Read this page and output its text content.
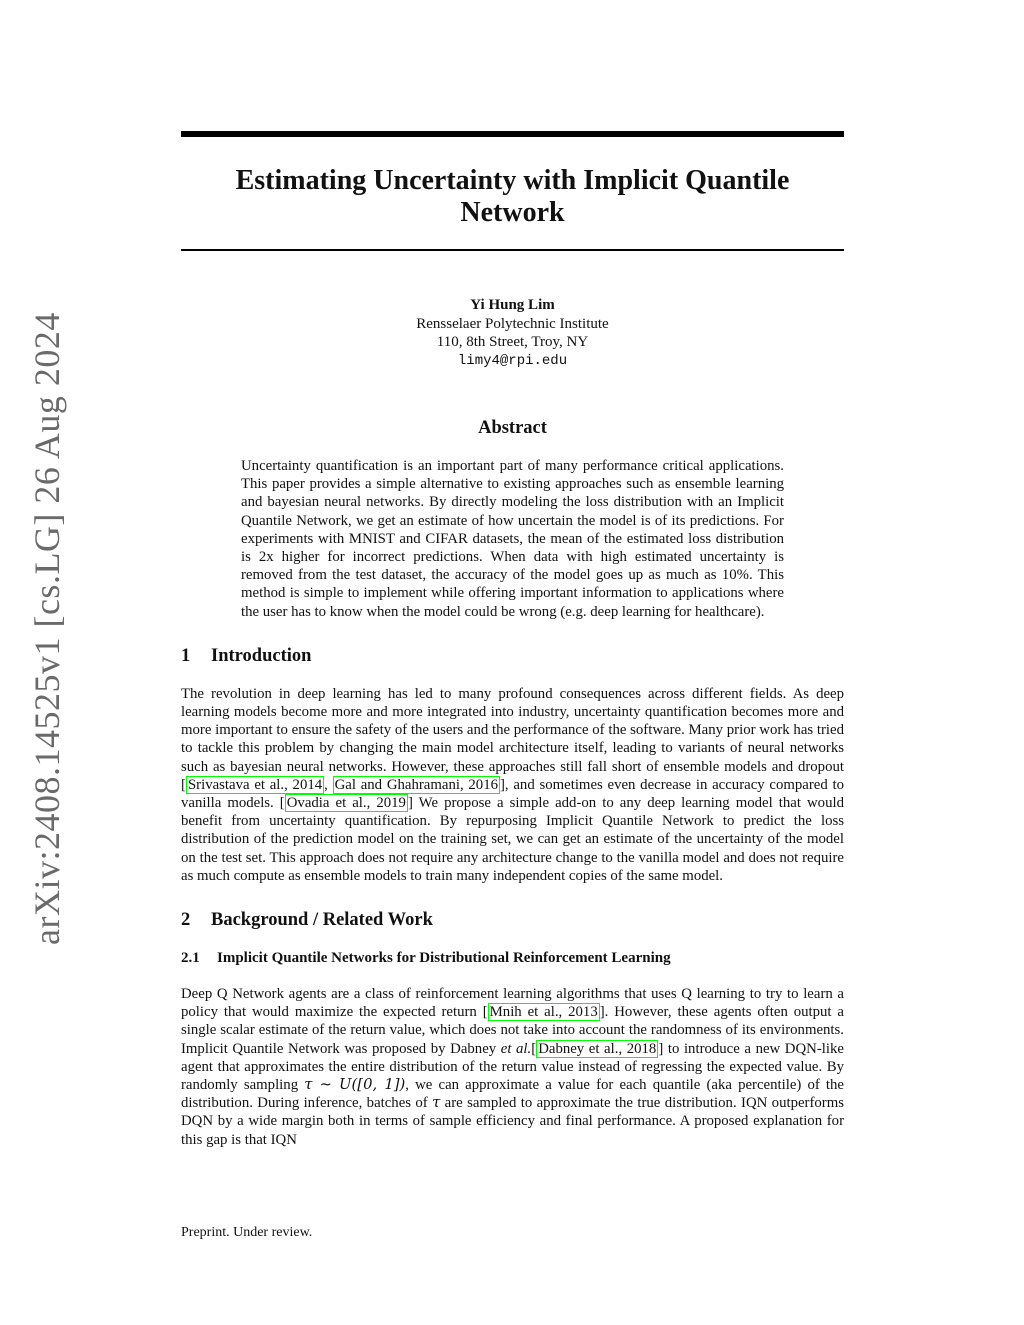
arXiv:2408.14525v1 [cs.LG] 26 Aug 2024
Estimating Uncertainty with Implicit Quantile Network
Yi Hung Lim
Rensselaer Polytechnic Institute
110, 8th Street, Troy, NY
limy4@rpi.edu
Abstract
Uncertainty quantification is an important part of many performance critical applications. This paper provides a simple alternative to existing approaches such as ensemble learning and bayesian neural networks. By directly modeling the loss distribution with an Implicit Quantile Network, we get an estimate of how uncertain the model is of its predictions. For experiments with MNIST and CIFAR datasets, the mean of the estimated loss distribution is 2x higher for incorrect predictions. When data with high estimated uncertainty is removed from the test dataset, the accuracy of the model goes up as much as 10%. This method is simple to implement while offering important information to applications where the user has to know when the model could be wrong (e.g. deep learning for healthcare).
1 Introduction

The revolution in deep learning has led to many profound consequences across different fields. As deep learning models become more and more integrated into industry, uncertainty quantification becomes more and more important to ensure the safety of the users and the performance of the software. Many prior work has tried to tackle this problem by changing the main model architecture itself, leading to variants of neural networks such as bayesian neural networks. However, these approaches still fall short of ensemble models and dropout [ Srivastava et al., 2014 , Gal and Ghahramani, 2016 ], and sometimes even decrease in accuracy compared to vanilla models. [ Ovadia et al., 2019 ] We propose a simple add-on to any deep learning model that would benefit from uncertainty quantification. By repurposing Implicit Quantile Network to predict the loss distribution of the prediction model on the training set, we can get an estimate of the uncertainty of the model on the test set. This approach does not require any architecture change to the vanilla model and does not require as much compute as ensemble models to train many independent copies of the same model.

2 Background / Related Work
2.1 Implicit Quantile Networks for Distributional Reinforcement Learning

Deep Q Network agents are a class of reinforcement learning algorithms that uses Q learning to try to learn a policy that would maximize the expected return [ Mnih et al., 2013 ]. However, these agents often output a single scalar estimate of the return value, which does not take into account the randomness of its environments. Implicit Quantile Network was proposed by Dabney et al.[ Dabney et al., 2018 ] to introduce a new DQN-like agent that approximates the entire distribution of the return value instead of regressing the expected value. By randomly sampling τ ∼ U([0, 1]), we can approximate a value for each quantile (aka percentile) of the distribution. During inference, batches of τ are sampled to approximate the true distribution. IQN outperforms DQN by a wide margin both in terms of sample efficiency and final performance. A proposed explanation for this gap is that IQN

Preprint. Under review.
